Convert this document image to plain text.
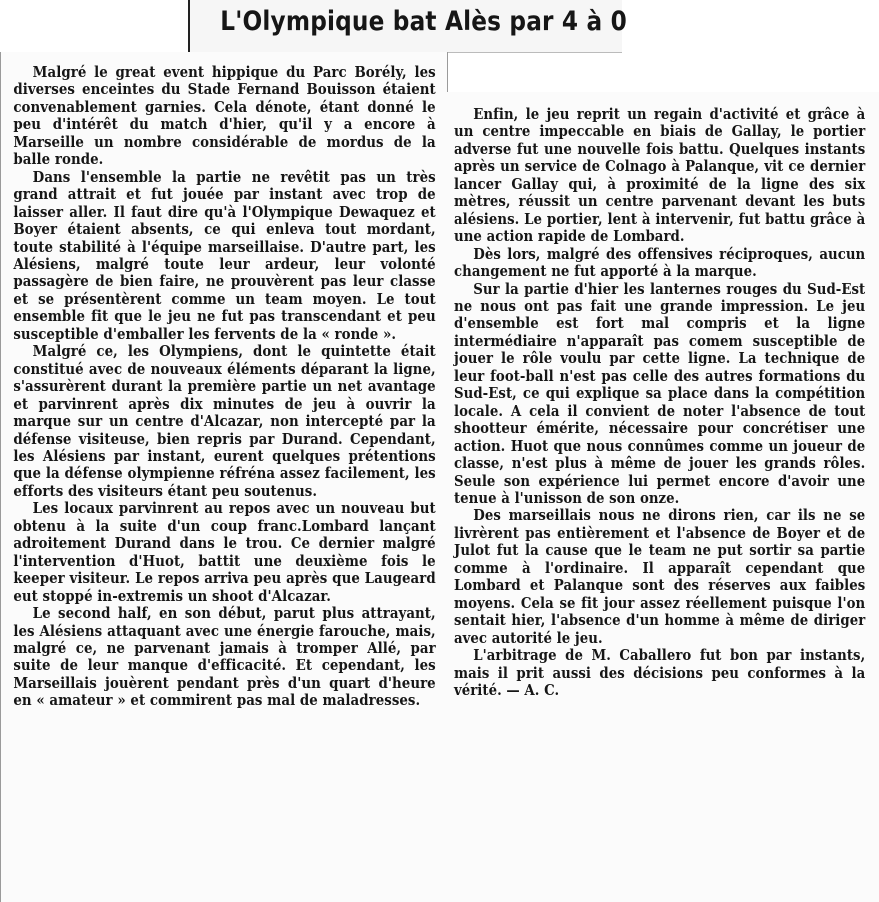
L'Olympique bat Alès par 4 à 0

Malgré le great event hippique du Parc Borély, les diverses enceintes du Stade Fernand Bouisson étaient convenablement garnies. Cela dénote, étant donné le peu d'intérêt du match d'hier, qu'il y a encore à Marseille un nombre considérable de mordus de la balle ronde.

Dans l'ensemble la partie ne revêtit pas un très grand attrait et fut jouée par instant avec trop de laisser aller. Il faut dire qu'à l'Olympique Dewaquez et Boyer étaient absents, ce qui enleva tout mordant, toute stabilité à l'équipe marseillaise. D'autre part, les Alésiens, malgré toute leur ardeur, leur volonté passagère de bien faire, ne prouvèrent pas leur classe et se présentèrent comme un team moyen. Le tout ensemble fit que le jeu ne fut pas transcendant et peu susceptible d'emballer les fervents de la « ronde ».

Malgré ce, les Olympiens, dont le quintette était constitué avec de nouveaux éléments déparant la ligne, s'assurèrent durant la première partie un net avantage et parvinrent après dix minutes de jeu à ouvrir la marque sur un centre d'Alcazar, non intercepté par la défense visiteuse, bien repris par Durand. Cependant, les Alésiens par instant, eurent quelques prétentions que la défense olympienne réfréna assez facilement, les efforts des visiteurs étant peu soutenus.

Les locaux parvinrent au repos avec un nouveau but obtenu à la suite d'un coup franc.Lombard lançant adroitement Durand dans le trou. Ce dernier malgré l'intervention d'Huot, battit une deuxième fois le keeper visiteur. Le repos arriva peu après que Laugeard eut stoppé in-extremis un shoot d'Alcazar.

Le second half, en son début, parut plus attrayant, les Alésiens attaquant avec une énergie farouche, mais, malgré ce, ne parvenant jamais à tromper Allé, par suite de leur manque d'efficacité. Et cependant, les Marseillais jouèrent pendant près d'un quart d'heure en « amateur » et commirent pas mal de maladresses.

Enfin, le jeu reprit un regain d'activité et grâce à un centre impeccable en biais de Gallay, le portier adverse fut une nouvelle fois battu. Quelques instants après un service de Colnago à Palanque, vit ce dernier lancer Gallay qui, à proximité de la ligne des six mètres, réussit un centre parvenant devant les buts alésiens. Le portier, lent à intervenir, fut battu grâce à une action rapide de Lombard.

Dès lors, malgré des offensives réciproques, aucun changement ne fut apporté à la marque.

Sur la partie d'hier les lanternes rouges du Sud-Est ne nous ont pas fait une grande impression. Le jeu d'ensemble est fort mal compris et la ligne intermédiaire n'apparaît pas comem susceptible de jouer le rôle voulu par cette ligne. La technique de leur foot-ball n'est pas celle des autres formations du Sud-Est, ce qui explique sa place dans la compétition locale. A cela il convient de noter l'absence de tout shootteur émérite, nécessaire pour concrétiser une action. Huot que nous connûmes comme un joueur de classe, n'est plus à même de jouer les grands rôles. Seule son expérience lui permet encore d'avoir une tenue à l'unisson de son onze.

Des marseillais nous ne dirons rien, car ils ne se livrèrent pas entièrement et l'absence de Boyer et de Julot fut la cause que le team ne put sortir sa partie comme à l'ordinaire. Il apparaît cependant que Lombard et Palanque sont des réserves aux faibles moyens. Cela se fit jour assez réellement puisque l'on sentait hier, l'absence d'un homme à même de diriger avec autorité le jeu.

L'arbitrage de M. Caballero fut bon par instants, mais il prit aussi des décisions peu conformes à la vérité. — A. C.
